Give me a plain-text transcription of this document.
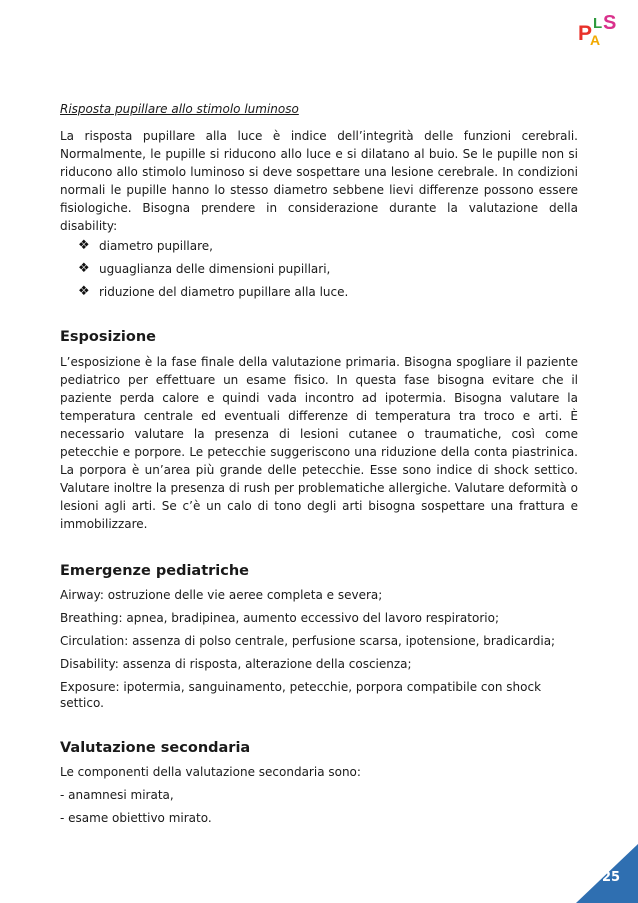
P
A
L S

Risposta pupillare allo stimolo luminoso

La risposta pupillare alla luce è indice dell’integrità delle funzioni cerebrali. Normalmente, le pupille si riducono allo luce e si dilatano al buio. Se le pupille non si riducono allo stimolo luminoso si deve sospettare una lesione cerebrale. In condizioni normali le pupille hanno lo stesso diametro sebbene lievi differenze possono essere fisiologiche. Bisogna prendere in considerazione durante la valutazione della disability:

❖ diametro pupillare,
❖ uguaglianza delle dimensioni pupillari,
❖ riduzione del diametro pupillare alla luce.
Esposizione

L’esposizione è la fase finale della valutazione primaria. Bisogna spogliare il paziente pediatrico per effettuare un esame fisico. In questa fase bisogna evitare che il paziente perda calore e quindi vada incontro ad ipotermia. Bisogna valutare la temperatura centrale ed eventuali differenze di temperatura tra troco e arti. È necessario valutare la presenza di lesioni cutanee o traumatiche, così come petecchie e porpore. Le petecchie suggeriscono una riduzione della conta piastrinica. La porpora è un’area più grande delle petecchie. Esse sono indice di shock settico. Valutare inoltre la presenza di rush per problematiche allergiche. Valutare deformità o lesioni agli arti. Se c’è un calo di tono degli arti bisogna sospettare una frattura e immobilizzare.

Emergenze pediatriche

Airway: ostruzione delle vie aeree completa e severa;

Breathing: apnea, bradipinea, aumento eccessivo del lavoro respiratorio;

Circulation: assenza di polso centrale, perfusione scarsa, ipotensione, bradicardia;

Disability: assenza di risposta, alterazione della coscienza;

Exposure: ipotermia, sanguinamento, petecchie, porpora compatibile con shock settico.

Valutazione secondaria

Le componenti della valutazione secondaria sono:

- anamnesi mirata,

- esame obiettivo mirato.

25
